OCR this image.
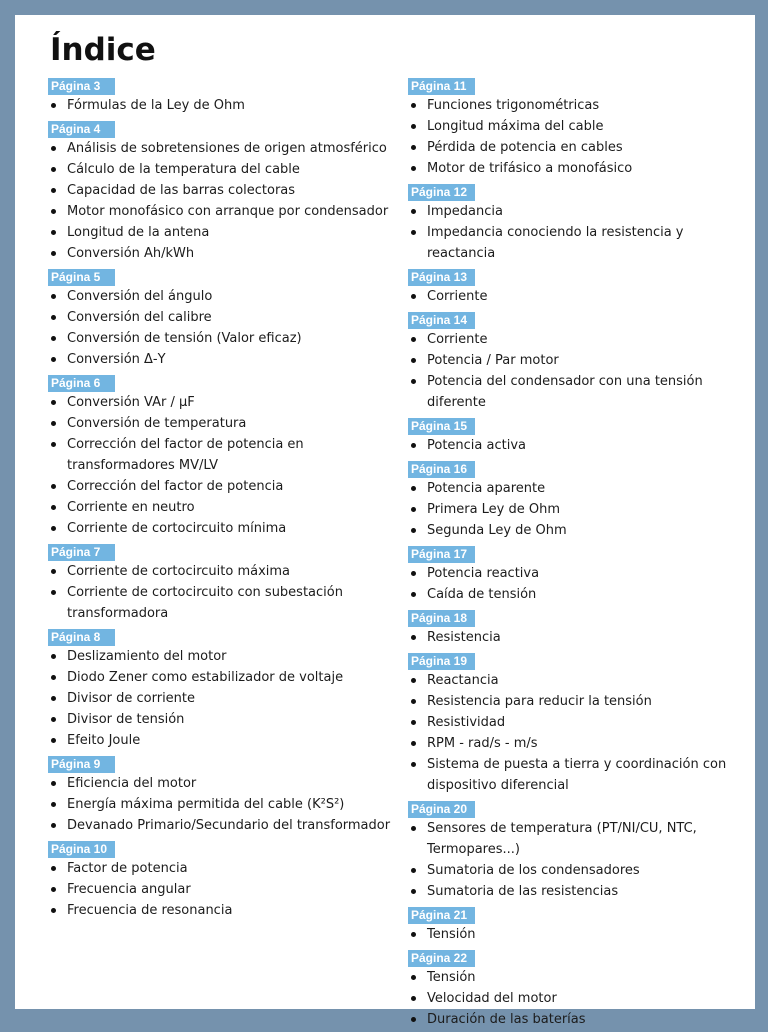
Índice
Página 3
Fórmulas de la Ley de Ohm
Página 4
Análisis de sobretensiones de origen atmosférico
Cálculo de la temperatura del cable
Capacidad de las barras colectoras
Motor monofásico con arranque por condensador
Longitud de la antena
Conversión Ah/kWh
Página 5
Conversión del ángulo
Conversión del calibre
Conversión de tensión (Valor eficaz)
Conversión Δ-Y
Página 6
Conversión VAr / μF
Conversión de temperatura
Corrección del factor de potencia en transformadores MV/LV
Corrección del factor de potencia
Corriente en neutro
Corriente de cortocircuito mínima
Página 7
Corriente de cortocircuito máxima
Corriente de cortocircuito con subestación transformadora
Página 8
Deslizamiento del motor
Diodo Zener como estabilizador de voltaje
Divisor de corriente
Divisor de tensión
Efeito Joule
Página 9
Eficiencia del motor
Energía máxima permitida del cable (K²S²)
Devanado Primario/Secundario del transformador
Página 10
Factor de potencia
Frecuencia angular
Frecuencia de resonancia
Página 11
Funciones trigonométricas
Longitud máxima del cable
Pérdida de potencia en cables
Motor de trifásico a monofásico
Página 12
Impedancia
Impedancia conociendo la resistencia y reactancia
Página 13
Corriente
Página 14
Corriente
Potencia / Par motor
Potencia del condensador con una tensión diferente
Página 15
Potencia activa
Página 16
Potencia aparente
Primera Ley de Ohm
Segunda Ley de Ohm
Página 17
Potencia reactiva
Caída de tensión
Página 18
Resistencia
Página 19
Reactancia
Resistencia para reducir la tensión
Resistividad
RPM - rad/s - m/s
Sistema de puesta a tierra y coordinación con dispositivo diferencial
Página 20
Sensores de temperatura (PT/NI/CU, NTC, Termopares...)
Sumatoria de los condensadores
Sumatoria de las resistencias
Página 21
Tensión
Página 22
Tensión
Velocidad del motor
Duración de las baterías
